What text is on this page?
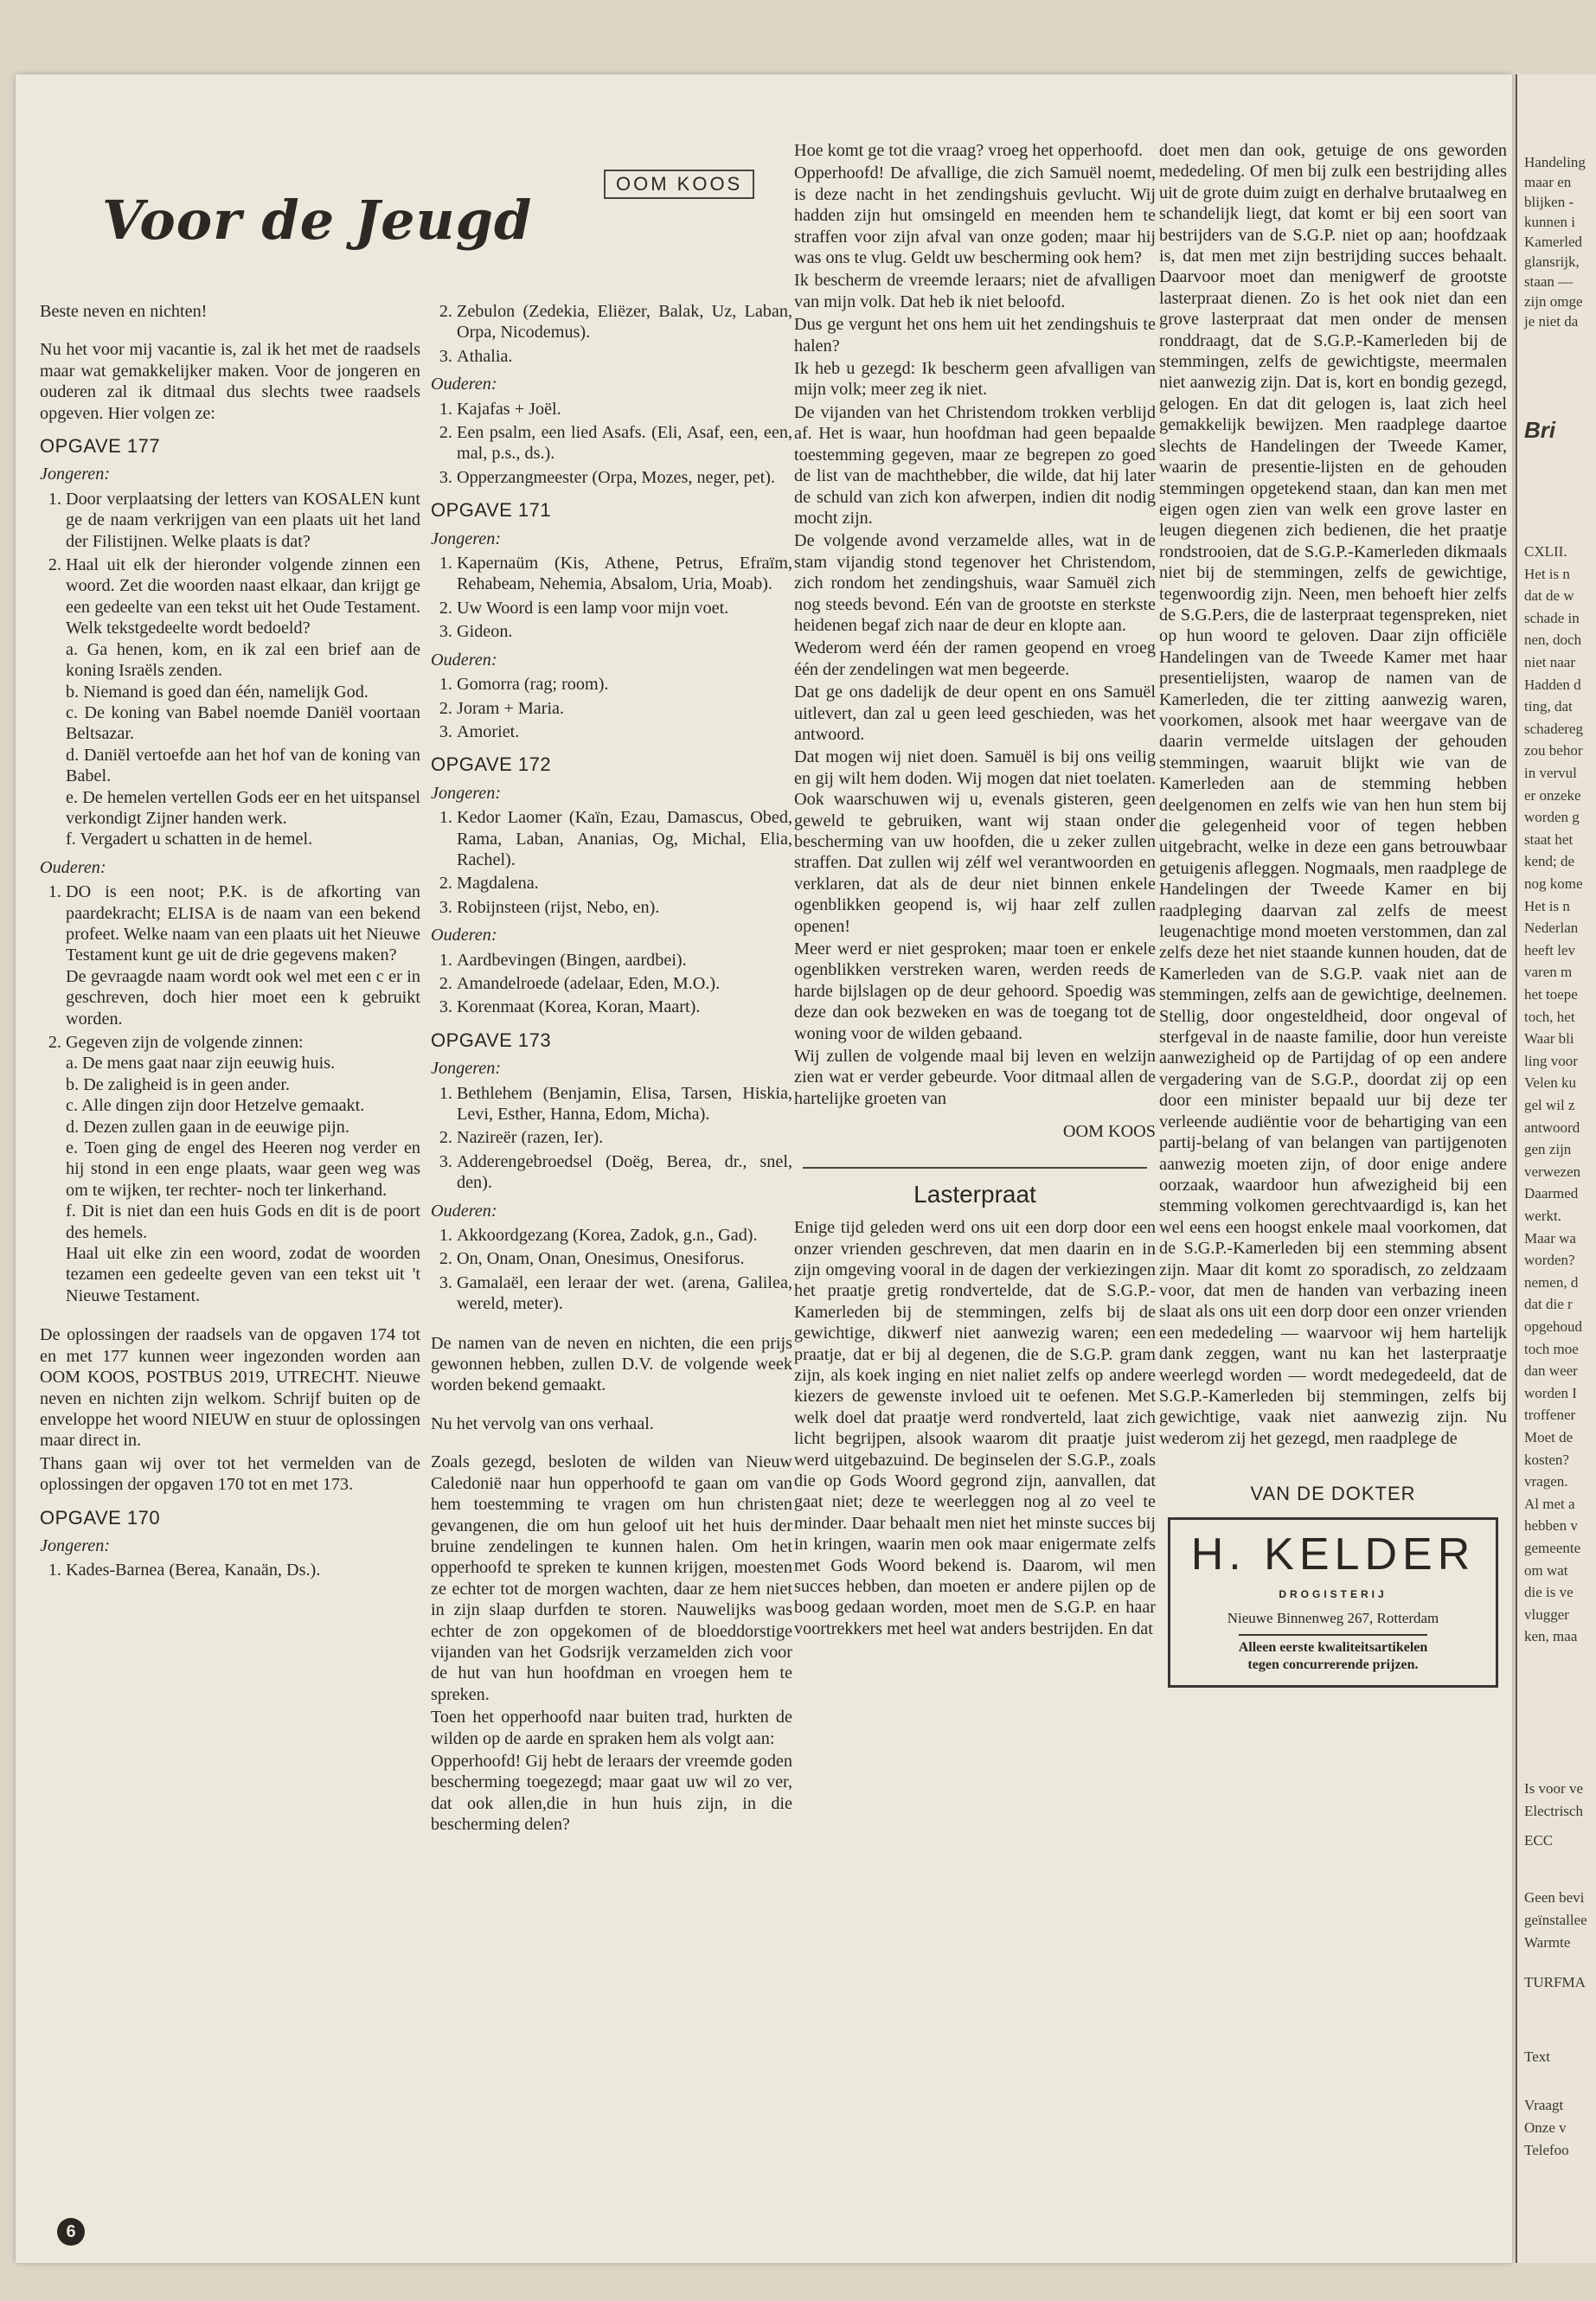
Voor de Jeugd
OOM KOOS

Beste neven en nichten!

Nu het voor mij vacantie is, zal ik het met de raadsels maar wat gemakkelijker maken. Voor de jongeren en ouderen zal ik ditmaal dus slechts twee raadsels opgeven. Hier volgen ze:

OPGAVE 177
Jongeren:
1. Door verplaatsing der letters van KOSALEN kunt ge de naam verkrijgen van een plaats uit het land der Filistijnen. Welke plaats is dat?
2. Haal uit elk der hieronder volgende zinnen een woord. Zet die woorden naast elkaar, dan krijgt ge een gedeelte van een tekst uit het Oude Testament. Welk tekstgedeelte wordt bedoeld?
a. Ga henen, kom, en ik zal een brief aan de koning Israëls zenden.
b. Niemand is goed dan één, namelijk God.
c. De koning van Babel noemde Daniël voortaan Beltsazar.
d. Daniël vertoefde aan het hof van de koning van Babel.
e. De hemelen vertellen Gods eer en het uitspansel verkondigt Zijner handen werk.
f. Vergadert u schatten in de hemel.
Ouderen:
1. DO is een noot; P.K. is de afkorting van paardekracht; ELISA is de naam van een bekend profeet. Welke naam van een plaats uit het Nieuwe Testament kunt ge uit de drie gegevens maken?
De gevraagde naam wordt ook wel met een c er in geschreven, doch hier moet een k gebruikt worden.
2. Gegeven zijn de volgende zinnen:
a. De mens gaat naar zijn eeuwig huis.
b. De zaligheid is in geen ander.
c. Alle dingen zijn door Hetzelve gemaakt.
d. Dezen zullen gaan in de eeuwige pijn.
e. Toen ging de engel des Heeren nog verder en hij stond in een enge plaats, waar geen weg was om te wijken, ter rechter- noch ter linkerhand.
f. Dit is niet dan een huis Gods en dit is de poort des hemels.
Haal uit elke zin een woord, zodat de woorden tezamen een gedeelte geven van een tekst uit 't Nieuwe Testament.

De oplossingen der raadsels van de opgaven 174 tot en met 177 kunnen weer ingezonden worden aan OOM KOOS, POSTBUS 2019, UTRECHT. Nieuwe neven en nichten zijn welkom. Schrijf buiten op de enveloppe het woord NIEUW en stuur de oplossingen maar direct in.

Thans gaan wij over tot het vermelden van de oplossingen der opgaven 170 tot en met 173.

OPGAVE 170
Jongeren:
1. Kades-Barnea (Berea, Kanaän, Ds.).
2. Zebulon (Zedekia, Eliëzer, Balak, Uz, Laban, Orpa, Nicodemus).
3. Athalia.
Ouderen:
1. Kajafas + Joël.
2. Een psalm, een lied Asafs. (Eli, Asaf, een, een, mal, p.s., ds.).
3. Opperzangmeester (Orpa, Mozes, neger, pet).
OPGAVE 171
Jongeren:
1. Kapernaüm (Kis, Athene, Petrus, Efraïm, Rehabeam, Nehemia, Absalom, Uria, Moab).
2. Uw Woord is een lamp voor mijn voet.
3. Gideon.
Ouderen:
1. Gomorra (rag; room).
2. Joram + Maria.
3. Amoriet.
OPGAVE 172
Jongeren:
1. Kedor Laomer (Kaïn, Ezau, Damascus, Obed, Rama, Laban, Ananias, Og, Michal, Elia, Rachel).
2. Magdalena.
3. Robijnsteen (rijst, Nebo, en).
Ouderen:
1. Aardbevingen (Bingen, aardbei).
2. Amandelroede (adelaar, Eden, M.O.).
3. Korenmaat (Korea, Koran, Maart).
OPGAVE 173
Jongeren:
1. Bethlehem (Benjamin, Elisa, Tarsen, Hiskia, Levi, Esther, Hanna, Edom, Micha).
2. Nazireër (razen, Ier).
3. Adderengebroedsel (Doëg, Berea, dr., snel, den).
Ouderen:
1. Akkoordgezang (Korea, Zadok, g.n., Gad).
2. On, Onam, Onan, Onesimus, Onesiforus.
3. Gamalaël, een leraar der wet. (arena, Galilea, wereld, meter).

De namen van de neven en nichten, die een prijs gewonnen hebben, zullen D.V. de volgende week worden bekend gemaakt.

Nu het vervolg van ons verhaal.

Zoals gezegd, besloten de wilden van Nieuw Caledonië naar hun opperhoofd te gaan om van hem toestemming te vragen om hun christen gevangenen, die om hun geloof uit het huis der bruine zendelingen te kunnen halen. Om het opperhoofd te spreken te kunnen krijgen, moesten ze echter tot de morgen wachten, daar ze hem niet in zijn slaap durfden te storen. Nauwelijks was echter de zon opgekomen of de bloeddorstige vijanden van het Godsrijk verzamelden zich voor de hut van hun hoofdman en vroegen hem te spreken.

Toen het opperhoofd naar buiten trad, hurkten de wilden op de aarde en spraken hem als volgt aan:

Opperhoofd! Gij hebt de leraars der vreemde goden bescherming toegezegd; maar gaat uw wil zo ver, dat ook allen,die in hun huis zijn, in die bescherming delen?

Hoe komt ge tot die vraag? vroeg het opperhoofd.

Opperhoofd! De afvallige, die zich Samuël noemt, is deze nacht in het zendingshuis gevlucht. Wij hadden zijn hut omsingeld en meenden hem te straffen voor zijn afval van onze goden; maar hij was ons te vlug. Geldt uw bescherming ook hem?

Ik bescherm de vreemde leraars; niet de afvalligen van mijn volk. Dat heb ik niet beloofd.

Dus ge vergunt het ons hem uit het zendingshuis te halen?

Ik heb u gezegd: Ik bescherm geen afvalligen van mijn volk; meer zeg ik niet.

De vijanden van het Christendom trokken verblijd af. Het is waar, hun hoofdman had geen bepaalde toestemming gegeven, maar ze begrepen zo goed de list van de machthebber, die wilde, dat hij later de schuld van zich kon afwerpen, indien dit nodig mocht zijn.

De volgende avond verzamelde alles, wat in de stam vijandig stond tegenover het Christendom, zich rondom het zendingshuis, waar Samuël zich nog steeds bevond. Eén van de grootste en sterkste heidenen begaf zich naar de deur en klopte aan.

Wederom werd één der ramen geopend en vroeg één der zendelingen wat men begeerde.

Dat ge ons dadelijk de deur opent en ons Samuël uitlevert, dan zal u geen leed geschieden, was het antwoord.

Dat mogen wij niet doen. Samuël is bij ons veilig en gij wilt hem doden. Wij mogen dat niet toelaten. Ook waarschuwen wij u, evenals gisteren, geen geweld te gebruiken, want wij staan onder bescherming van uw hoofden, die u zeker zullen straffen. Dat zullen wij zélf wel verantwoorden en verklaren, dat als de deur niet binnen enkele ogenblikken geopend is, wij haar zelf zullen openen!

Meer werd er niet gesproken; maar toen er enkele ogenblikken verstreken waren, werden reeds de harde bijlslagen op de deur gehoord. Spoedig was deze dan ook bezweken en was de toegang tot de woning voor de wilden gebaand.

Wij zullen de volgende maal bij leven en welzijn zien wat er verder gebeurde. Voor ditmaal allen de hartelijke groeten van

OOM KOOS
Lasterpraat

Enige tijd geleden werd ons uit een dorp door een onzer vrienden geschreven, dat men daarin en in zijn omgeving vooral in de dagen der verkiezingen het praatje gretig rondvertelde, dat de S.G.P.-Kamerleden bij de stemmingen, zelfs bij de gewichtige, dikwerf niet aanwezig waren; een praatje, dat er bij al degenen, die de S.G.P. gram zijn, als koek inging en niet naliet zelfs op andere kiezers de gewenste invloed uit te oefenen. Met welk doel dat praatje werd rondverteld, laat zich licht begrijpen, alsook waarom dit praatje juist werd uitgebazuind. De beginselen der S.G.P., zoals die op Gods Woord gegrond zijn, aanvallen, dat gaat niet; deze te weerleggen nog al zo veel te minder. Daar behaalt men niet het minste succes bij in kringen, waarin men ook maar enigermate zelfs met Gods Woord bekend is. Daarom, wil men succes hebben, dan moeten er andere pijlen op de boog gedaan worden, moet men de S.G.P. en haar voortrekkers met heel wat anders bestrijden. En dat

doet men dan ook, getuige de ons geworden mededeling. Of men bij zulk een bestrijding alles uit de grote duim zuigt en derhalve brutaalweg en schandelijk liegt, dat komt er bij een soort van bestrijders van de S.G.P. niet op aan; hoofdzaak is, dat men met zijn bestrijding succes behaalt. Daarvoor moet dan menigwerf de grootste lasterpraat dienen. Zo is het ook niet dan een grove lasterpraat dat men onder de mensen ronddraagt, dat de S.G.P.-Kamerleden bij de stemmingen, zelfs de gewichtigste, meermalen niet aanwezig zijn. Dat is, kort en bondig gezegd, gelogen. En dat dit gelogen is, laat zich heel gemakkelijk bewijzen. Men raadplege daartoe slechts de Handelingen der Tweede Kamer, waarin de presentie-lijsten en de gehouden stemmingen opgetekend staan, dan kan men met eigen ogen zien van welk een grove laster en leugen diegenen zich bedienen, die het praatje rondstrooien, dat de S.G.P.-Kamerleden dikmaals niet bij de stemmingen, zelfs de gewichtige, tegenwoordig zijn. Neen, men behoeft hier zelfs de S.G.P.ers, die de lasterpraat tegenspreken, niet op hun woord te geloven. Daar zijn officiële Handelingen van de Tweede Kamer met haar presentielijsten, waarop de namen van de Kamerleden, die ter zitting aanwezig waren, voorkomen, alsook met haar weergave van de daarin vermelde uitslagen der gehouden stemmingen, waaruit blijkt wie van de Kamerleden aan de stemming hebben deelgenomen en zelfs wie van hen hun stem bij die gelegenheid voor of tegen hebben uitgebracht, welke in deze een gans betrouwbaar getuigenis afleggen. Nogmaals, men raadplege de Handelingen der Tweede Kamer en bij raadpleging daarvan zal zelfs de meest leugenachtige mond moeten verstommen, dan zal zelfs deze het niet staande kunnen houden, dat de Kamerleden van de S.G.P. vaak niet aan de stemmingen, zelfs aan de gewichtige, deelnemen. Stellig, door ongesteldheid, door ongeval of sterfgeval in de naaste familie, door hun vereiste aanwezigheid op de Partijdag of op een andere vergadering van de S.G.P., doordat zij op een door een minister bepaald uur bij deze ter verleende audiëntie voor de behartiging van een partij-belang of van belangen van partijgenoten aanwezig moeten zijn, of door enige andere oorzaak, waardoor hun afwezigheid bij een stemming volkomen gerechtvaardigd is, kan het wel eens een hoogst enkele maal voorkomen, dat de S.G.P.-Kamerleden bij een stemming absent zijn. Maar dit komt zo sporadisch, zo zeldzaam voor, dat men de handen van verbazing ineen slaat als ons uit een dorp door een onzer vrienden een mededeling — waarvoor wij hem hartelijk dank zeggen, want nu kan het lasterpraatje weerlegd worden — wordt medegedeeld, dat de S.G.P.-Kamerleden bij stemmingen, zelfs bij gewichtige, vaak niet aanwezig zijn. Nu wederom zij het gezegd, men raadplege de

VAN DE DOKTER
H. KELDER
DROGISTERIJ
Nieuwe Binnenweg 267, Rotterdam
Alleen eerste kwaliteitsartikelen
tegen concurrerende prijzen.
6
Handeling
maar en
blijken -
kunnen i
Kamerled
glansrijk,
staan —
zijn omge
je niet da
Bri
CXLII.
Het is n
dat de w
schade in
nen, doch
niet naar
Hadden d
ting, dat
schadereg
zou behor
in vervul
er onzeke
worden g
staat het
kend; de
nog kome
Het is n
Nederlan
heeft lev
varen m
het toepe
toch, het
Waar bli
ling voor
Velen ku
gel wil z
antwoord
gen zijn
verwezen
Daarmed
werkt.
Maar wa
worden?
nemen, d
dat die r
opgehoud
toch moe
dan weer
worden I
troffener
Moet de
kosten?
vragen.
Al met a
hebben v
gemeente
om wat
die is ve
vlugger
ken, maa
Is voor ve
Electrisch
ECC
Geen bevi
geïnstallee
Warmte
TURFMA
Text
Vraagt
Onze v
Telefoo
